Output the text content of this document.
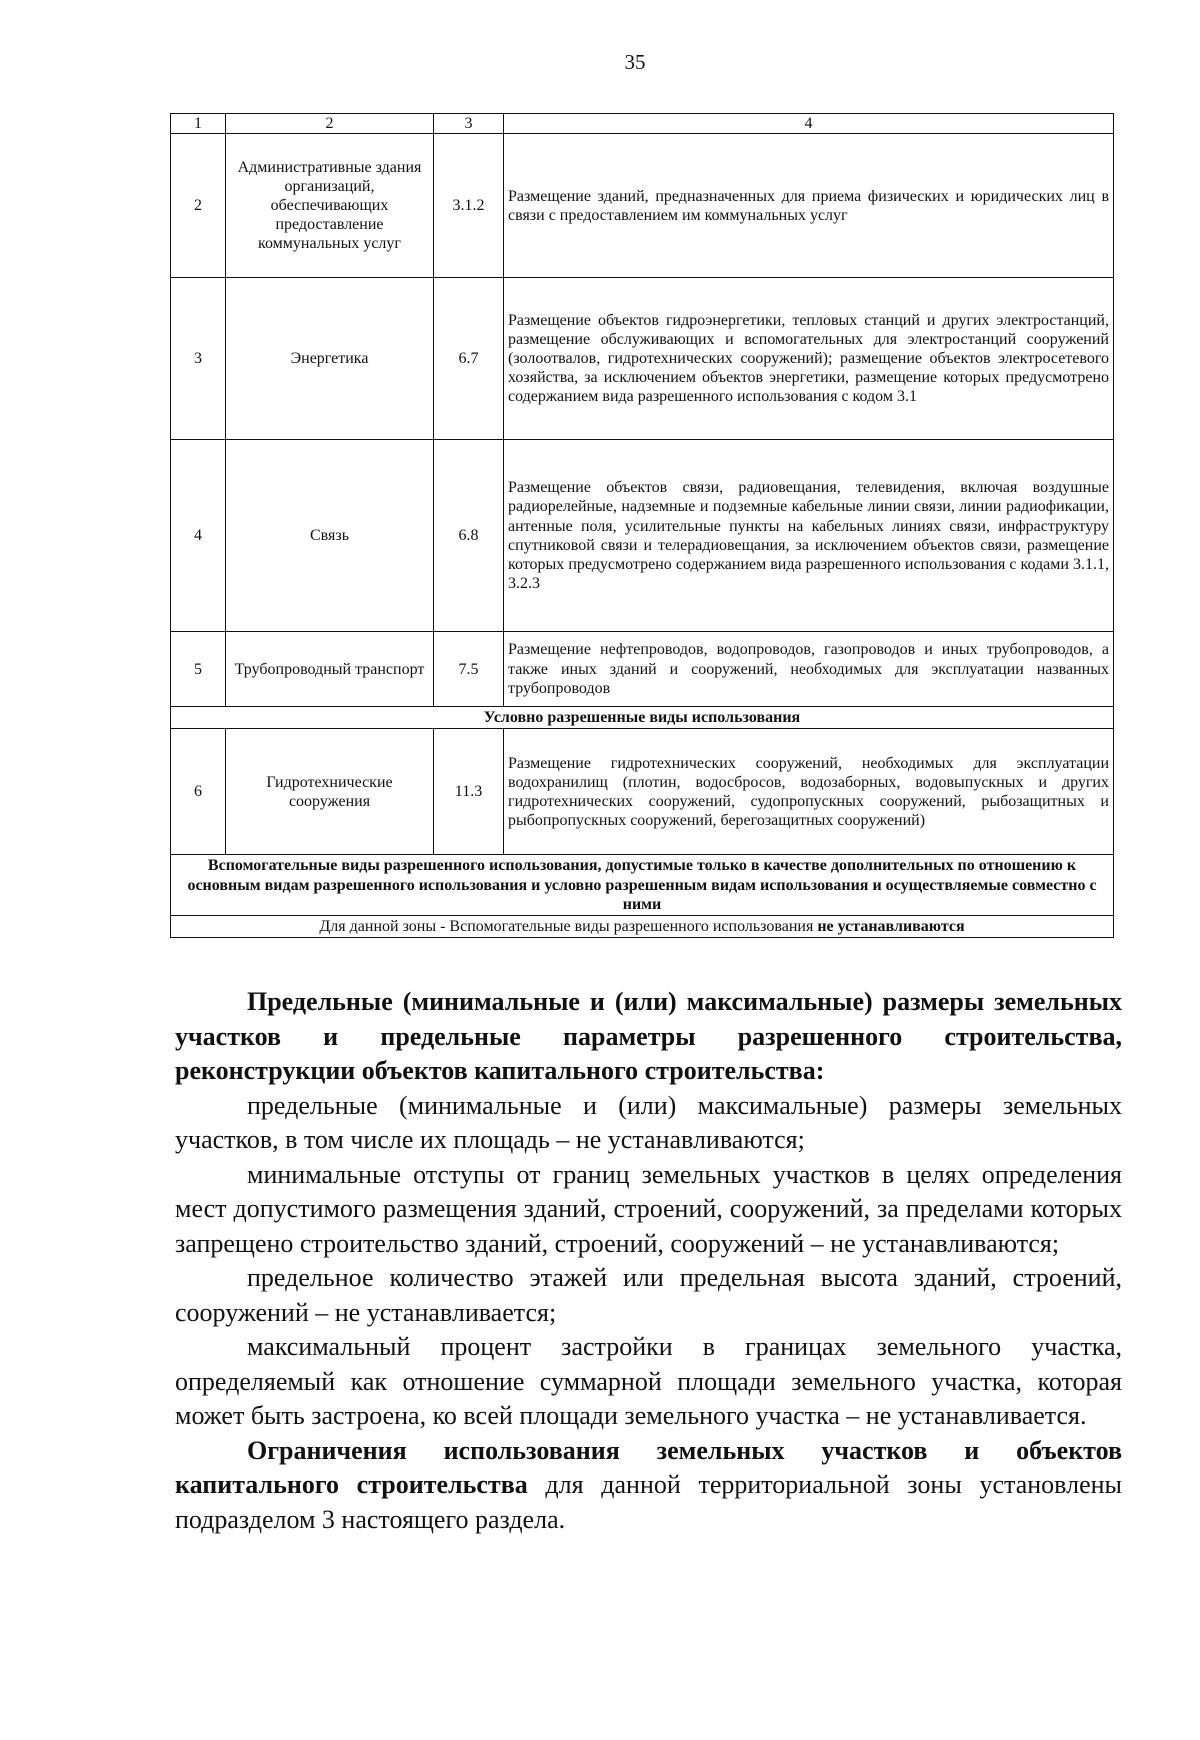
35
1	2	3	4
2	Административные здания организаций, обеспечивающих предоставление коммунальных услуг	3.1.2	Размещение зданий, предназначенных для приема физических и юридических лиц в связи с предоставлением им коммунальных услуг
3	Энергетика	6.7	Размещение объектов гидроэнергетики, тепловых станций и других электростанций, размещение обслуживающих и вспомогательных для электростанций сооружений (золоотвалов, гидротехнических сооружений); размещение объектов электросетевого хозяйства, за исключением объектов энергетики, размещение которых предусмотрено содержанием вида разрешенного использования с кодом 3.1
4	Связь	6.8	Размещение объектов связи, радиовещания, телевидения, включая воздушные радиорелейные, надземные и подземные кабельные линии связи, линии радиофикации, антенные поля, усилительные пункты на кабельных линиях связи, инфраструктуру спутниковой связи и телерадиовещания, за исключением объектов связи, размещение которых предусмотрено содержанием вида разрешенного использования с кодами 3.1.1, 3.2.3
5	Трубопроводный транспорт	7.5	Размещение нефтепроводов, водопроводов, газопроводов и иных трубопроводов, а также иных зданий и сооружений, необходимых для эксплуатации названных трубопроводов
Условно разрешенные виды использования			
6	Гидротехнические сооружения	11.3	Размещение гидротехнических сооружений, необходимых для эксплуатации водохранилищ (плотин, водосбросов, водозаборных, водовыпускных и других гидротехнических сооружений, судопропускных сооружений, рыбозащитных и рыбопропускных сооружений, берегозащитных сооружений)
Вспомогательные виды разрешенного использования, допустимые только в качестве дополнительных по отношению к основным видам разрешенного использования и условно разрешенным видам использования и осуществляемые совместно с ними			
Для данной зоны - Вспомогательные виды разрешенного использования не устанавливаются			

Предельные (минимальные и (или) максимальные) размеры земельных участков и предельные параметры разрешенного строительства, реконструкции объектов капитального строительства:

предельные (минимальные и (или) максимальные) размеры земельных участков, в том числе их площадь – не устанавливаются;

минимальные отступы от границ земельных участков в целях определения мест допустимого размещения зданий, строений, сооружений, за пределами которых запрещено строительство зданий, строений, сооружений – не устанавливаются;

предельное количество этажей или предельная высота зданий, строений, сооружений – не устанавливается;

максимальный процент застройки в границах земельного участка, определяемый как отношение суммарной площади земельного участка, которая может быть застроена, ко всей площади земельного участка – не устанавливается.

Ограничения использования земельных участков и объектов капитального строительства для данной территориальной зоны установлены подразделом 3 настоящего раздела.
